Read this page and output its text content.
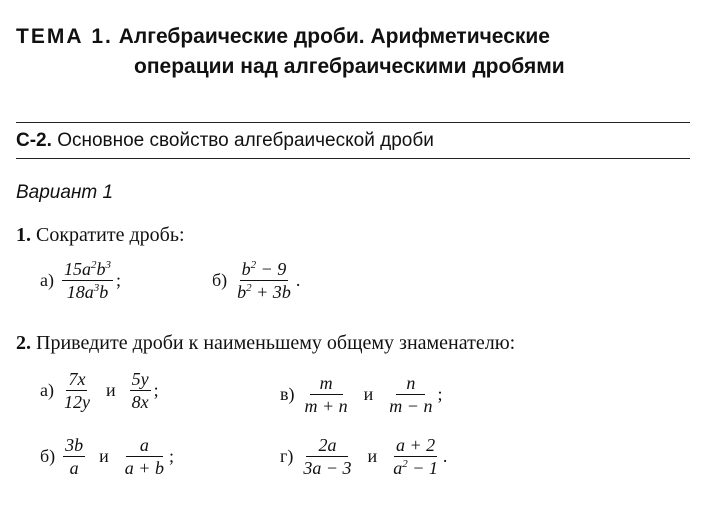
ТЕМА 1. Алгебраические дроби. Арифметические
операции над алгебраическими дробями
С-2. Основное свойство алгебраической дроби
Вариант 1
1. Сократите дробь:
$а) \frac{15a^2b^3}{18a^3b}$ ;	$б) \frac{b^2 - 9}{b^2 + 3b}$ .
2. Приведите дроби к наименьшему общему знаменателю:
$а) \frac{7x}{12y}$ и $\frac{5y}{8x}$ ;	$в) \frac{m}{m + n}$ и $\frac{n}{m - n}$ ;
$б) \frac{3b}{a}$ и $\frac{a}{a + b}$ ;	$г) \frac{2a}{3a - 3}$ и $\frac{a + 2}{a^2 - 1}$ .
